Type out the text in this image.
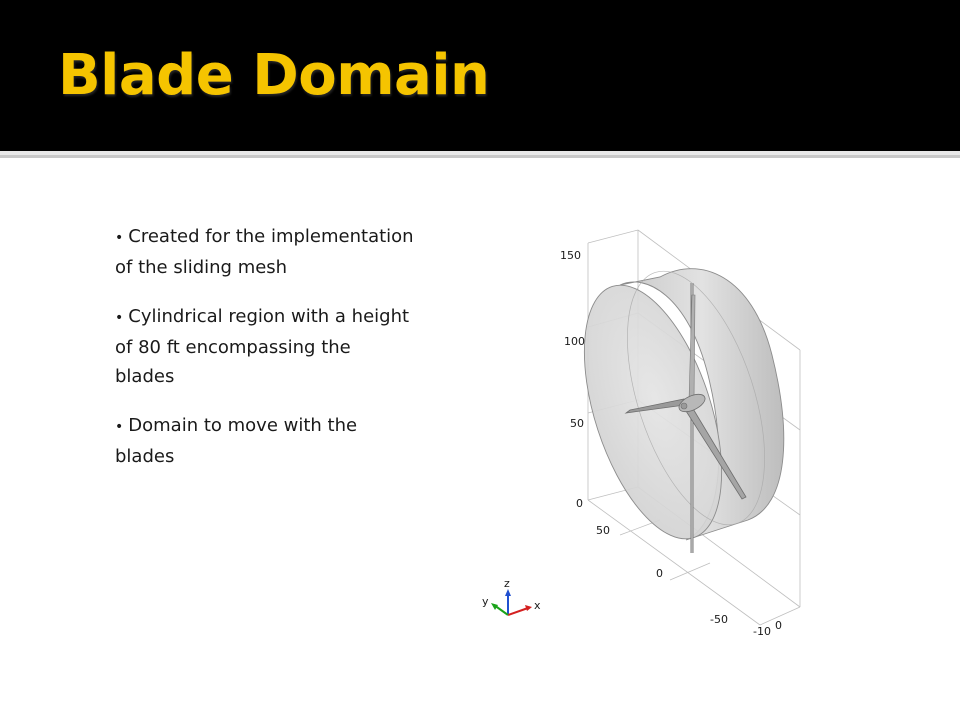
Blade Domain
• Created for the implementation of the sliding mesh
• Cylindrical region with a height of 80 ft encompassing the blades
• Domain to move with the blades
150
100
50
0
50
0
-50
-10 0
z
y	x
